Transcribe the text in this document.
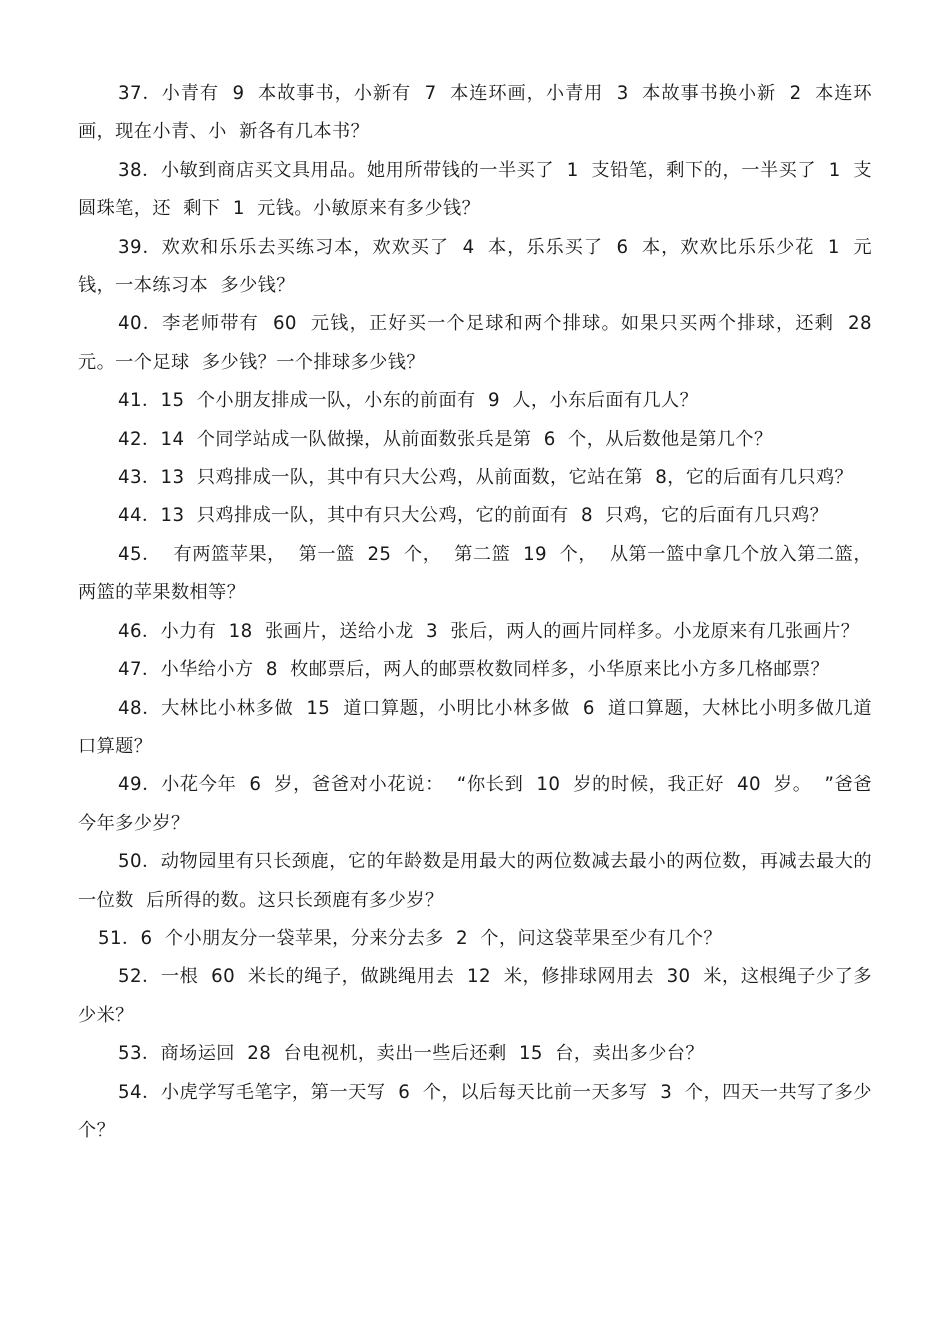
37．小青有  9  本故事书，小新有  7  本连环画，小青用  3  本故事书换小新  2  本连环画，现在小青、小  新各有几本书？

38．小敏到商店买文具用品。她用所带钱的一半买了  1  支铅笔，剩下的，一半买了  1  支圆珠笔，还  剩下  1  元钱。小敏原来有多少钱？

39．欢欢和乐乐去买练习本，欢欢买了  4  本，乐乐买了  6  本，欢欢比乐乐少花  1  元钱，一本练习本  多少钱？

40．李老师带有  60  元钱，正好买一个足球和两个排球。如果只买两个排球，还剩  28  元。一个足球  多少钱？一个排球多少钱？

41．15  个小朋友排成一队，小东的前面有  9  人，小东后面有几人？

42．14  个同学站成一队做操，从前面数张兵是第  6  个，从后数他是第几个？

43．13  只鸡排成一队，其中有只大公鸡，从前面数，它站在第  8，它的后面有几只鸡？

44．13  只鸡排成一队，其中有只大公鸡，它的前面有  8  只鸡，它的后面有几只鸡？

45．  有两篮苹果，  第一篮  25  个，  第二篮  19  个，  从第一篮中拿几个放入第二篮，  两篮的苹果数相等？

46．小力有  18  张画片，送给小龙  3  张后，两人的画片同样多。小龙原来有几张画片？

47．小华给小方  8  枚邮票后，两人的邮票枚数同样多，小华原来比小方多几格邮票？

48．大林比小林多做  15  道口算题，小明比小林多做  6  道口算题，大林比小明多做几道口算题？

49．小花今年  6  岁，爸爸对小花说：  “你长到  10  岁的时候，我正好  40  岁。  ”爸爸今年多少岁？

50．动物园里有只长颈鹿，它的年龄数是用最大的两位数减去最小的两位数，再减去最大的一位数  后所得的数。这只长颈鹿有多少岁？

51．6  个小朋友分一袋苹果，分来分去多  2  个，问这袋苹果至少有几个？

52．一根  60  米长的绳子，做跳绳用去  12  米，修排球网用去  30  米，这根绳子少了多少米？

53．商场运回  28  台电视机，卖出一些后还剩  15  台，卖出多少台？

54．小虎学写毛笔字，第一天写  6  个，以后每天比前一天多写  3  个，四天一共写了多少个？
